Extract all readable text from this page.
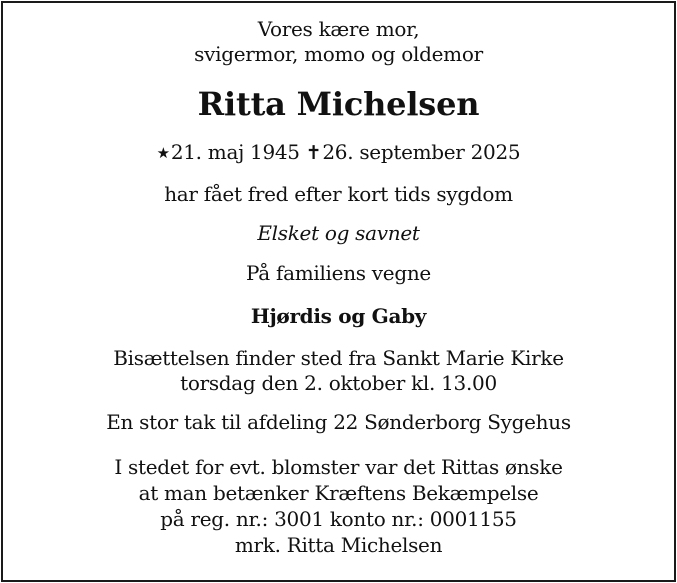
Vores kære mor,
svigermor, momo og oldemor
Ritta Michelsen
★21. maj 1945 ✝26. september 2025
har fået fred efter kort tids sygdom
Elsket og savnet
På familiens vegne
Hjørdis og Gaby
Bisættelsen finder sted fra Sankt Marie Kirke
torsdag den 2. oktober kl. 13.00
En stor tak til afdeling 22 Sønderborg Sygehus
I stedet for evt. blomster var det Rittas ønske
at man betænker Kræftens Bekæmpelse
på reg. nr.: 3001 konto nr.: 0001155
mrk. Ritta Michelsen
